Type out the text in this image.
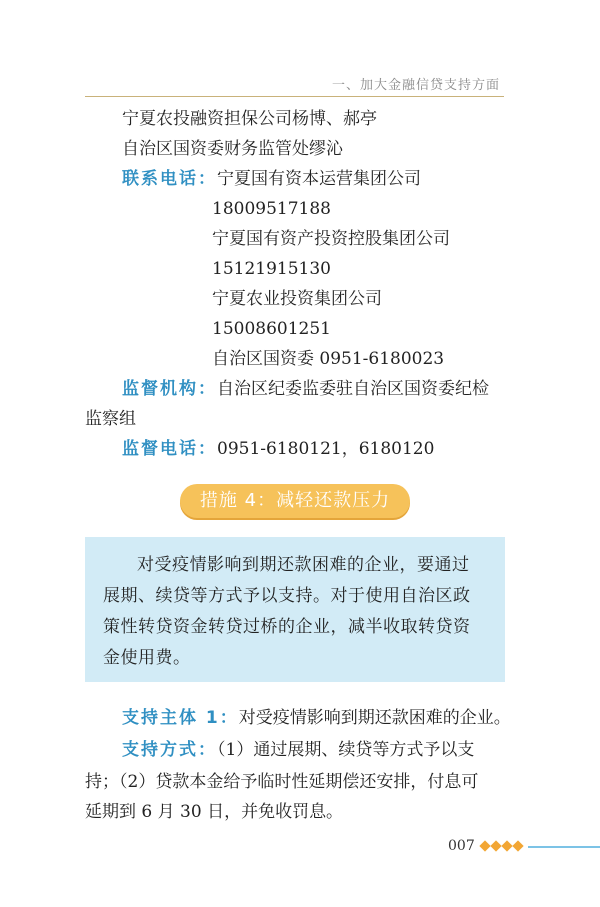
一、加大金融信贷支持方面
宁夏农投融资担保公司杨博、郝亭
自治区国资委财务监管处缪沁
联系电话：宁夏国有资本运营集团公司
18009517188
宁夏国有资产投资控股集团公司
15121915130
宁夏农业投资集团公司
15008601251
自治区国资委 0951-6180023
监督机构：自治区纪委监委驻自治区国资委纪检
监察组
监督电话：0951-6180121，6180120
措施 4：减轻还款压力
对受疫情影响到期还款困难的企业，要通过
展期、续贷等方式予以支持。对于使用自治区政
策性转贷资金转贷过桥的企业，减半收取转贷资
金使用费。
支持主体 1：对受疫情影响到期还款困难的企业。
支持方式：（1）通过展期、续贷等方式予以支
持；（2）贷款本金给予临时性延期偿还安排，付息可
延期到 6 月 30 日，并免收罚息。
007
